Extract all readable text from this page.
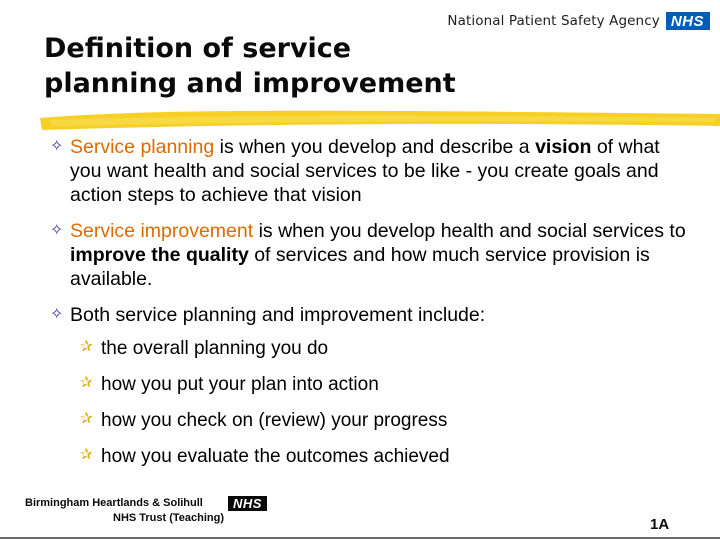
National Patient Safety Agency NHS
Definition of service
planning and improvement
✧ Service planning is when you develop and describe a vision of what you want health and social services to be like - you create goals and action steps to achieve that vision
✧ Service improvement is when you develop health and social services to improve the quality of services and how much service provision is available.
✧ Both service planning and improvement include:
✰ the overall planning you do
✰ how you put your plan into action
✰ how you check on (review) your progress
✰ how you evaluate the outcomes achieved
Birmingham Heartlands & Solihull
NHS Trust (Teaching)
NHS
1A
